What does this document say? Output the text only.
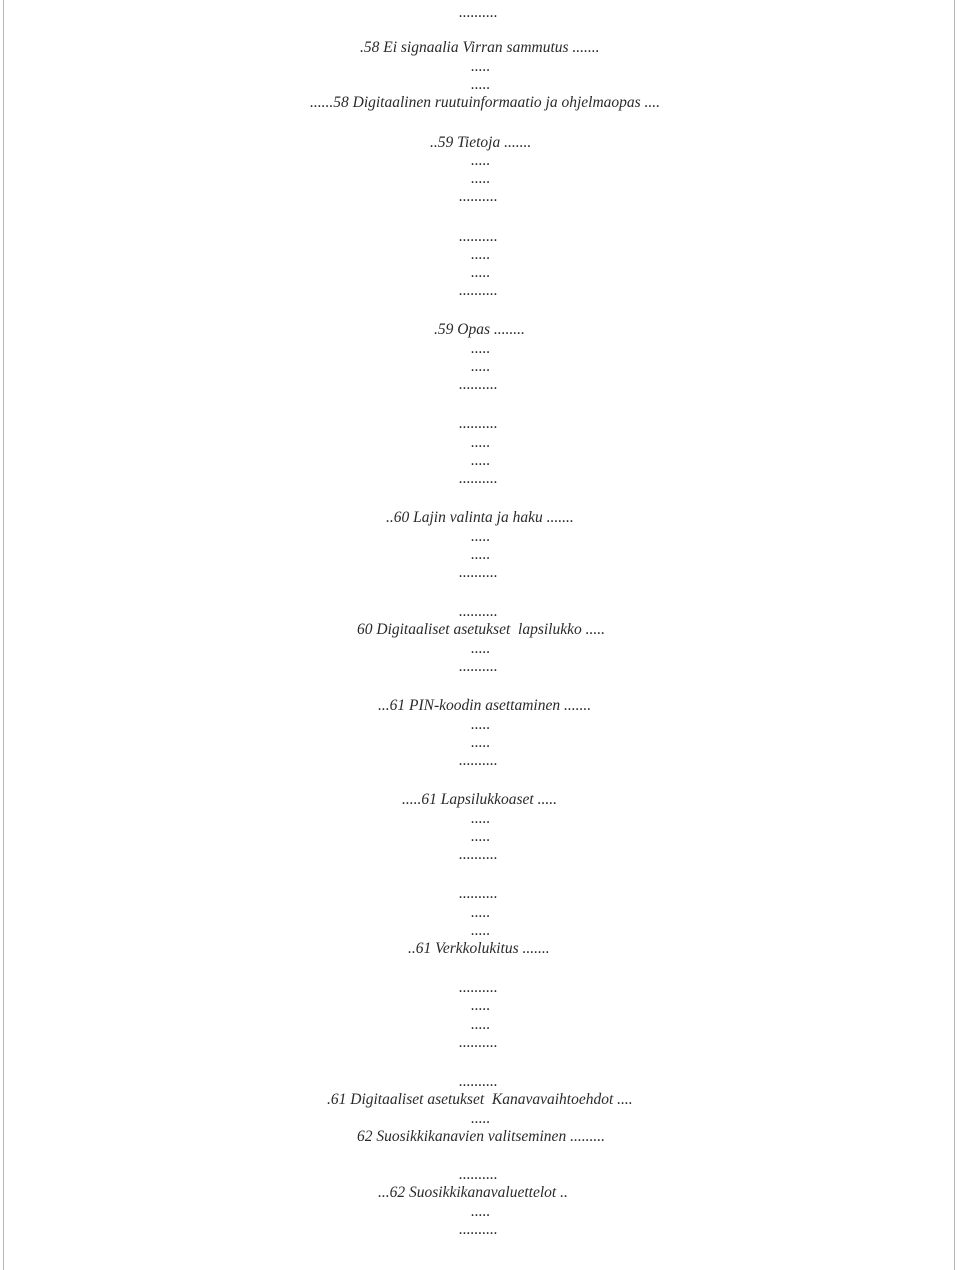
..........
.58 Ei signaalia Virran sammutus .......
.....
.....
......58 Digitaalinen ruutuinformaatio ja ohjelmaopas ....
..59 Tietoja .......
.....
.....
..........
..........
.....
.....
..........
.59 Opas ........
.....
.....
..........
..........
.....
.....
..........
..60 Lajin valinta ja haku .......
.....
.....
..........
..........
60 Digitaaliset asetukset  lapsilukko .....
.....
..........
...61 PIN-koodin asettaminen .......
.....
.....
..........
.....61 Lapsilukkoaset .....
.....
.....
..........
..........
.....
.....
..61 Verkkolukitus .......
..........
.....
.....
..........
..........
.61 Digitaaliset asetukset  Kanavavaihtoehdot ....
.....
62 Suosikkikanavien valitseminen .........
..........
...62 Suosikkikanavaluettelot ..
.....
..........
